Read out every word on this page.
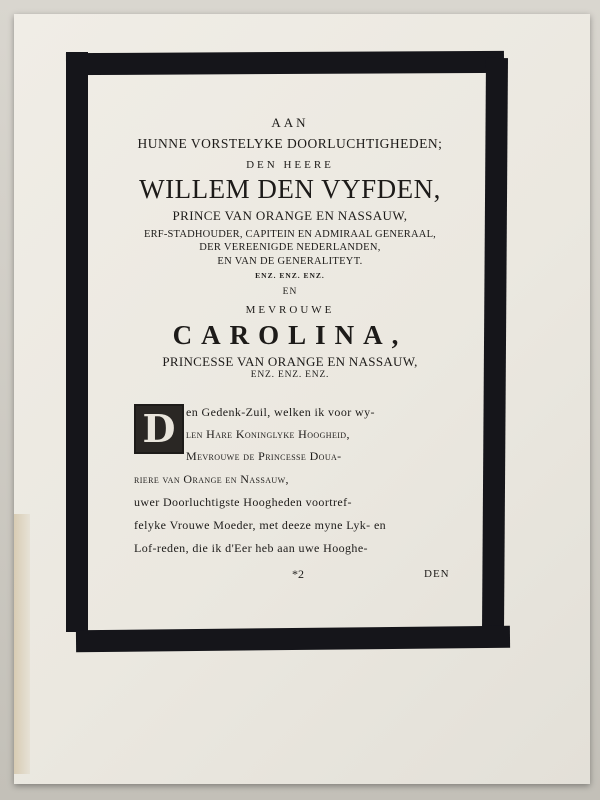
AAN
HUNNE VORSTELYKE DOORLUCHTIGHEDEN;
DEN HEERE
WILLEM DEN VYFDEN,
PRINCE VAN ORANGE EN NASSAUW,
ERF-STADHOUDER, CAPITEIN EN ADMIRAAL GENERAAL,
DER VEREENIGDE NEDERLANDEN,
EN VAN DE GENERALITEYT.
ENZ. ENZ. ENZ.
EN
MEVROUWE
CAROLINA,
PRINCESSE VAN ORANGE EN NASSAUW,
ENZ. ENZ. ENZ.
D en Gedenk-Zuil, welken ik voor wy-
len Hare Koninglyke Hoogheid,
Mevrouwe de Princesse Doua-
riere van Orange en Nassauw,
uwer Doorluchtigste Hoogheden voortref-
felyke Vrouwe Moeder, met deeze myne Lyk- en
Lof-reden, die ik d'Eer heb aan uwe Hooghe-
*2	DEN
